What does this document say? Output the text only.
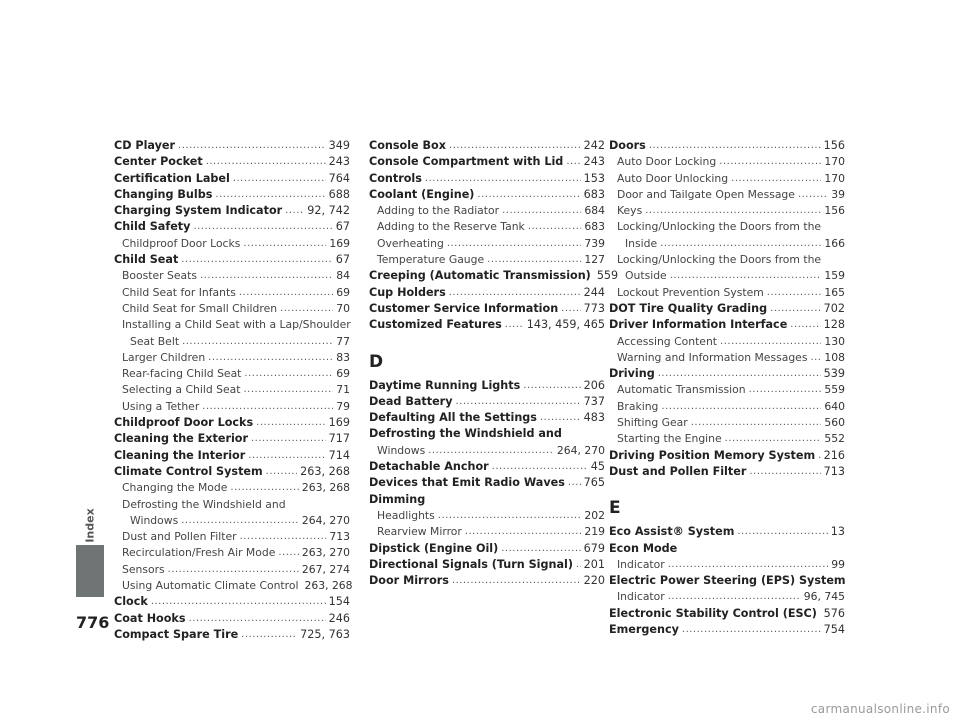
Index
776
CD Player .....	349
Center Pocket .....	243
Certification Label .....	764
Changing Bulbs .....	688
Charging System Indicator ..... 92, 742
Child Safety .....	67
Childproof Door Locks .....	169
Child Seat .....	67
Booster Seats .....	84
Child Seat for Infants .....	69
Child Seat for Small Children .....	70
Installing a Child Seat with a Lap/Shoulder
Seat Belt .....	77
Larger Children .....	83
Rear-facing Child Seat .....	69
Selecting a Child Seat .....	71
Using a Tether .....	79
Childproof Door Locks .....	169
Cleaning the Exterior .....	717
Cleaning the Interior .....	714
Climate Control System .....	263, 268
Changing the Mode .....	263, 268
Defrosting the Windshield and
Windows .....	264, 270
Dust and Pollen Filter .....	713
Recirculation/Fresh Air Mode ..... 263, 270
Sensors .....	267, 274
Using Automatic Climate Control 263, 268
Clock .....	154
Coat Hooks .....	246
Compact Spare Tire .....	725, 763
Console Box .....	242
Console Compartment with Lid ..... 243
Controls .....	153
Coolant (Engine) .....	683
Adding to the Radiator .....	684
Adding to the Reserve Tank .....	683
Overheating .....	739
Temperature Gauge .....	127
Creeping (Automatic Transmission) 559
Cup Holders .....	244
Customer Service Information ..... 773
Customized Features ..... 143, 459, 465
D
Daytime Running Lights .....	206
Dead Battery .....	737
Defaulting All the Settings .....	483
Defrosting the Windshield and
Windows .....	264, 270
Detachable Anchor .....	45
Devices that Emit Radio Waves ..... 765
Dimming
Headlights .....	202
Rearview Mirror .....	219
Dipstick (Engine Oil) .....	679
Directional Signals (Turn Signal) ..... 201
Door Mirrors .....	220
Doors .....	156
Auto Door Locking .....	170
Auto Door Unlocking .....	170
Door and Tailgate Open Message .....	39
Keys .....	156
Locking/Unlocking the Doors from the
Inside .....	166
Locking/Unlocking the Doors from the
Outside .....	159
Lockout Prevention System .....	165
DOT Tire Quality Grading .....	702
Driver Information Interface .....	128
Accessing Content .....	130
Warning and Information Messages ..... 108
Driving .....	539
Automatic Transmission .....	559
Braking .....	640
Shifting Gear .....	560
Starting the Engine .....	552
Driving Position Memory System ..... 216
Dust and Pollen Filter .....	713
E
Eco Assist® System .....	13
Econ Mode
Indicator .....	99
Electric Power Steering (EPS) System
Indicator .....	96, 745
Electronic Stability Control (ESC) ..... 576
Emergency .....	754
carmanualsonline.info
